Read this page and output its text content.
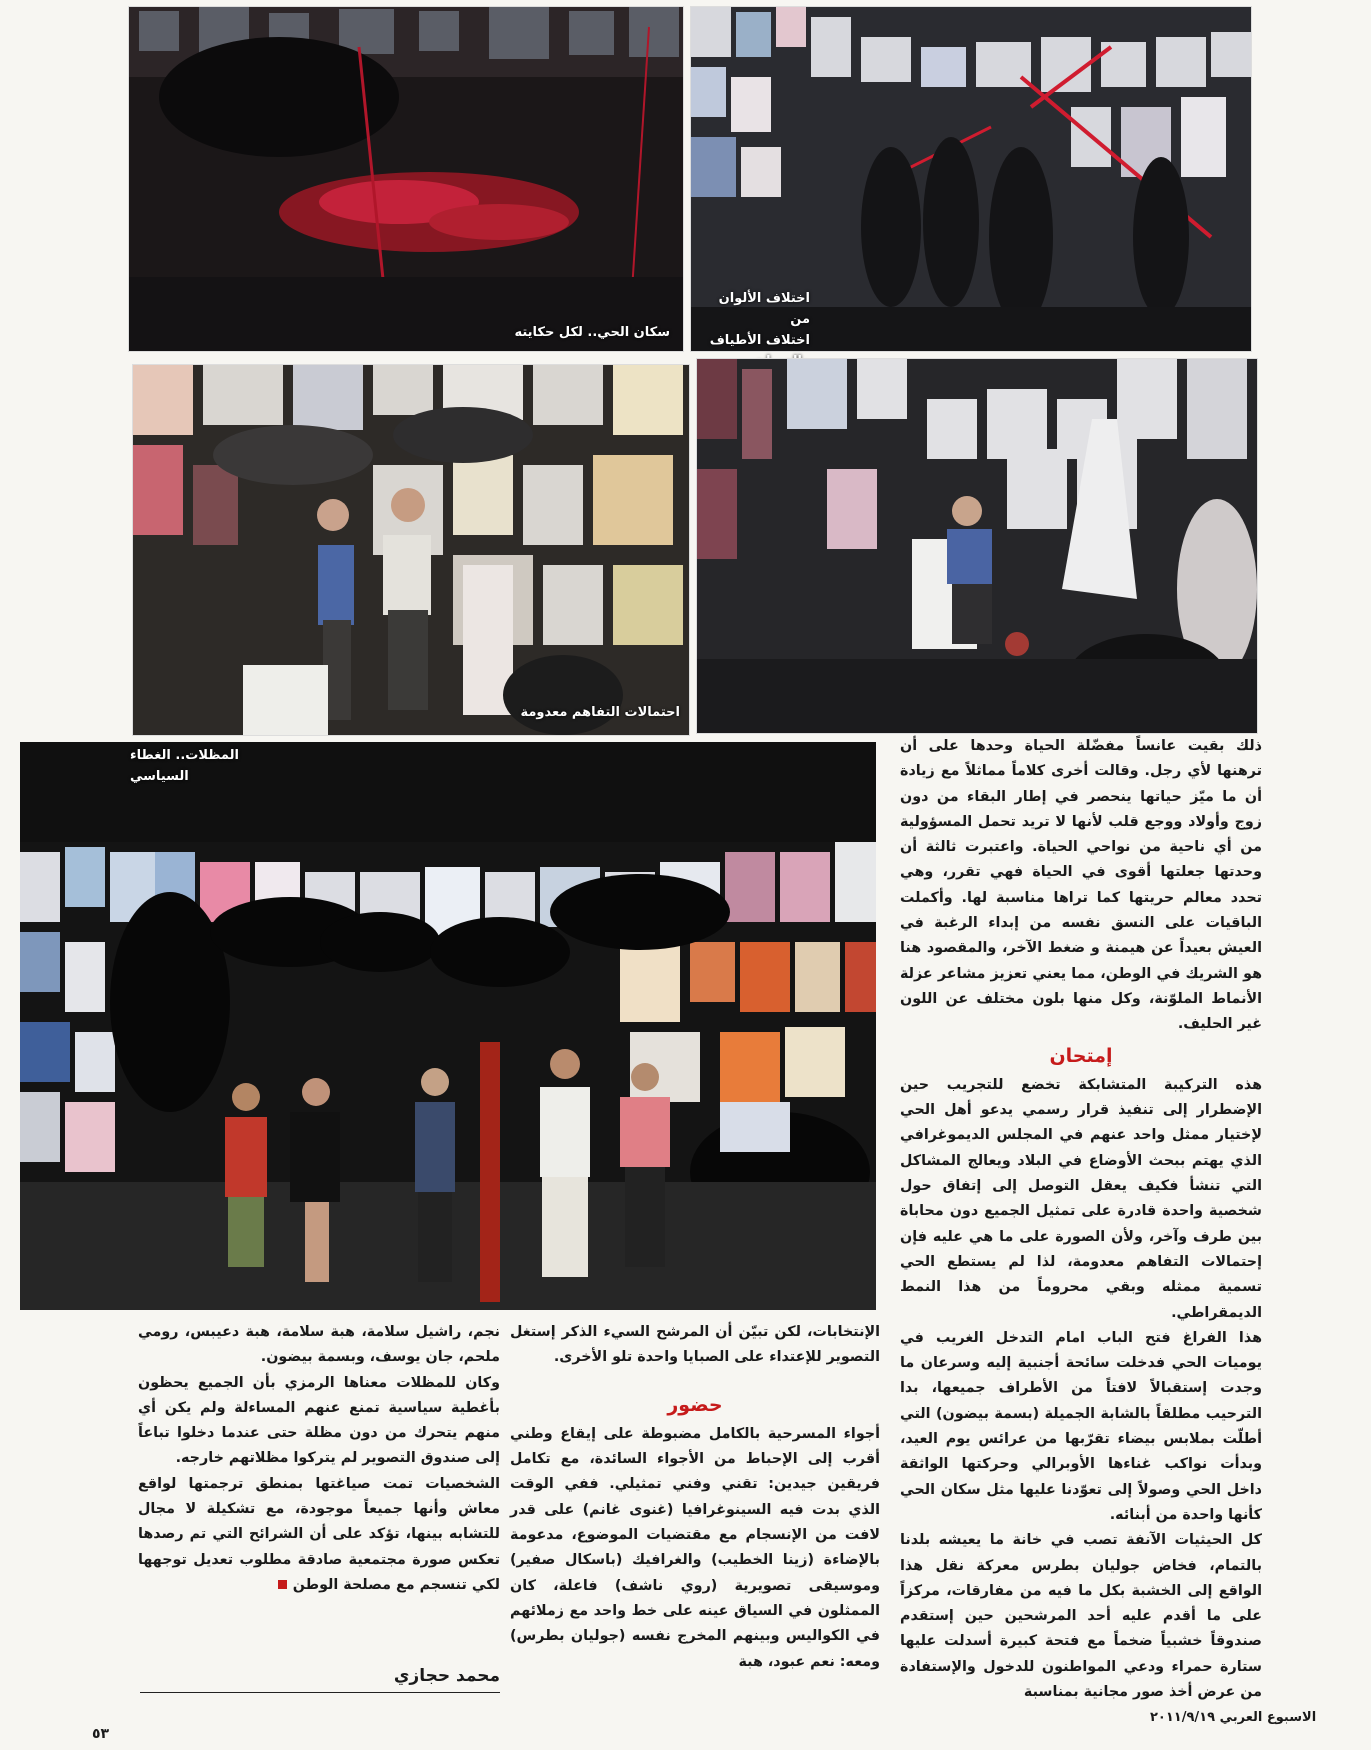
سكان الحي.. لكل حكايته
اختلاف الألوان من
اختلاف الأطياف
احتمالات التفاهم معدومة
المظلات.. الغطاء السياسي

ذلك بقيت عانساً مفضّلة الحياة وحدها على أن ترهنها لأي رجل. وقالت أخرى كلاماً مماثلاً مع زيادة أن ما ميّز حياتها ينحصر في إطار البقاء من دون زوج وأولاد ووجع قلب لأنها لا تريد تحمل المسؤولية من أي ناحية من نواحي الحياة. واعتبرت ثالثة أن وحدتها جعلتها أقوى في الحياة فهي تقرر، وهي تحدد معالم حريتها كما تراها مناسبة لها. وأكملت الباقيات على النسق نفسه من إبداء الرغبة في العيش بعيداً عن هيمنة و ضغط الآخر، والمقصود هنا هو الشريك في الوطن، مما يعني تعزيز مشاعر عزلة الأنماط الملوّنة، وكل منها بلون مختلف عن اللون غير الحليف.

إمتحان

هذه التركيبة المتشابكة تخضع للتجريب حين الإضطرار إلى تنفيذ قرار رسمي يدعو أهل الحي لإختيار ممثل واحد عنهم في المجلس الديموغرافي الذي يهتم ببحث الأوضاع في البلاد ويعالج المشاكل التي تنشأ فكيف يعقل التوصل إلى إتفاق حول شخصية واحدة قادرة على تمثيل الجميع دون محاباة بين طرف وآخر، ولأن الصورة على ما هي عليه فإن إحتمالات التفاهم معدومة، لذا لم يستطع الحي تسمية ممثله وبقي محروماً من هذا النمط الديمقراطي.

هذا الفراغ فتح الباب امام التدخل الغريب في يوميات الحي فدخلت سائحة أجنبية إليه وسرعان ما وجدت إستقبالاً لافتاً من الأطراف جميعها، بدا الترحيب مطلقاً بالشابة الجميلة (بسمة بيضون) التي أطلّت بملابس بيضاء تقرّبها من عرائس يوم العيد، وبدأت نواكب غناءها الأوبرالي وحركتها الواثقة داخل الحي وصولاً إلى تعوّدنا عليها مثل سكان الحي كأنها واحدة من أبنائه.

كل الحيثيات الآنفة تصب في خانة ما يعيشه بلدنا بالتمام، فخاض جوليان بطرس معركة نقل هذا الواقع إلى الخشبة بكل ما فيه من مفارقات، مركزاً على ما أقدم عليه أحد المرشحين حين إستقدم صندوقاً خشبياً ضخماً مع فتحة كبيرة أسدلت عليها ستارة حمراء ودعي المواطنون للدخول والإستفادة من عرض أخذ صور مجانية بمناسبة

الإنتخابات، لكن تبيّن أن المرشح السيء الذكر إستغل التصوير للإعتداء على الصبايا واحدة تلو الأخرى.

حضور

أجواء المسرحية بالكامل مضبوطة على إيقاع وطني أقرب إلى الإحباط من الأجواء السائدة، مع تكامل فريقين جيدين: تقني وفني تمثيلي. ففي الوقت الذي بدت فيه السينوغرافيا (غنوى غانم) على قدر لافت من الإنسجام مع مقتضيات الموضوع، مدعومة بالإضاءة (زينا الخطيب) والغرافيك (باسكال صفير) وموسيقى تصويرية (روي ناشف) فاعلة، كان الممثلون في السياق عينه على خط واحد مع زملائهم في الكواليس وبينهم المخرج نفسه (جوليان بطرس) ومعه: نعم عبود، هبة

نجم، راشيل سلامة، هبة سلامة، هبة دعيبس، رومي ملحم، جان يوسف، وبسمة بيضون.

وكان للمظلات معناها الرمزي بأن الجميع يحظون بأغطية سياسية تمنع عنهم المساءلة ولم يكن أي منهم يتحرك من دون مظلة حتى عندما دخلوا تباعاً إلى صندوق التصوير لم يتركوا مظلاتهم خارجه.

الشخصيات تمت صياغتها بمنطق ترجمتها لواقع معاش وأنها جميعاً موجودة، مع تشكيلة لا مجال للتشابه بينها، تؤكد على أن الشرائح التي تم رصدها تعكس صورة مجتمعية صادقة مطلوب تعديل توجهها لكي تنسجم مع مصلحة الوطن

محمد حجازي
الاسبوع العربي ٢٠١١/٩/١٩
٥٣
